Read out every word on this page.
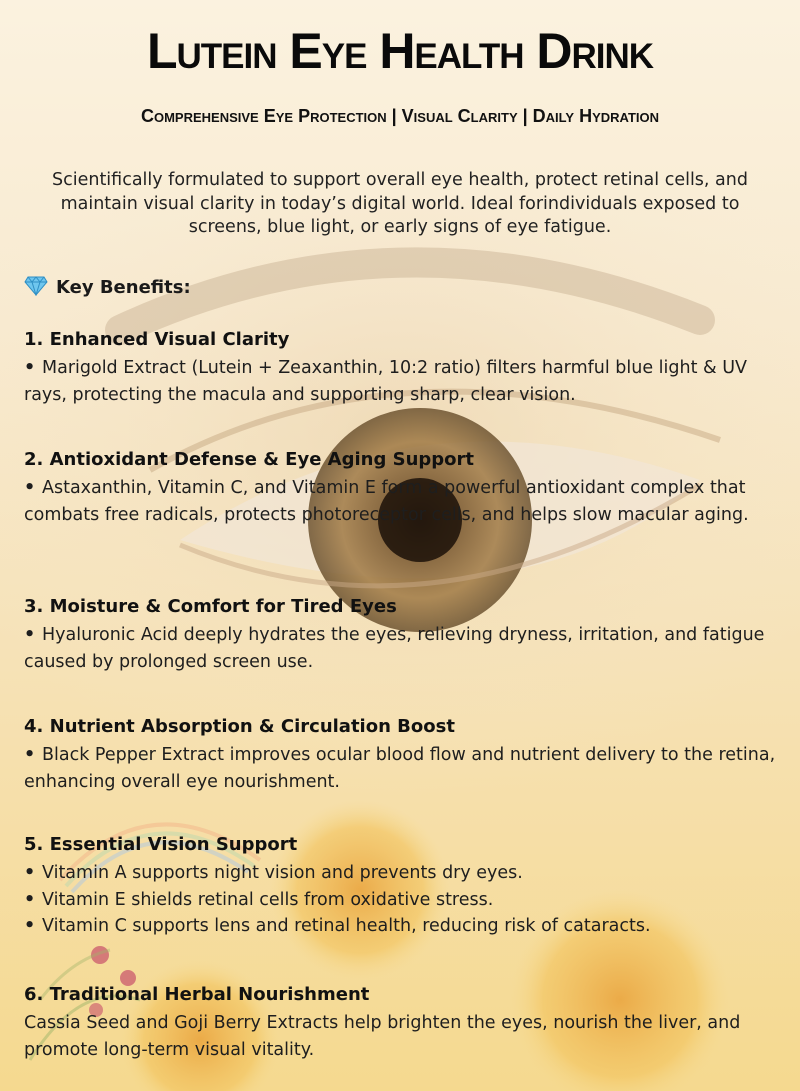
Lutein Eye Health Drink
Comprehensive Eye Protection | Visual Clarity | Daily Hydration
Scientifically formulated to support overall eye health, protect retinal cells, and maintain visual clarity in today’s digital world. Ideal forindividuals exposed to screens, blue light, or early signs of eye fatigue.
Key Benefits:
1. Enhanced Visual Clarity

• Marigold Extract (Lutein + Zeaxanthin, 10:2 ratio) filters harmful blue light & UV rays, protecting the macula and supporting sharp, clear vision.

2. Antioxidant Defense & Eye Aging Support

• Astaxanthin, Vitamin C, and Vitamin E form a powerful antioxidant complex that combats free radicals, protects photoreceptor cells, and helps slow macular aging.

3. Moisture & Comfort for Tired Eyes

• Hyaluronic Acid deeply hydrates the eyes, relieving dryness, irritation, and fatigue caused by prolonged screen use.

4. Nutrient Absorption & Circulation Boost

• Black Pepper Extract improves ocular blood flow and nutrient delivery to the retina, enhancing overall eye nourishment.

5. Essential Vision Support

• Vitamin A supports night vision and prevents dry eyes.

• Vitamin E shields retinal cells from oxidative stress.

• Vitamin C supports lens and retinal health, reducing risk of cataracts.

6. Traditional Herbal Nourishment

Cassia Seed and Goji Berry Extracts help brighten the eyes, nourish the liver, and promote long-term visual vitality.
